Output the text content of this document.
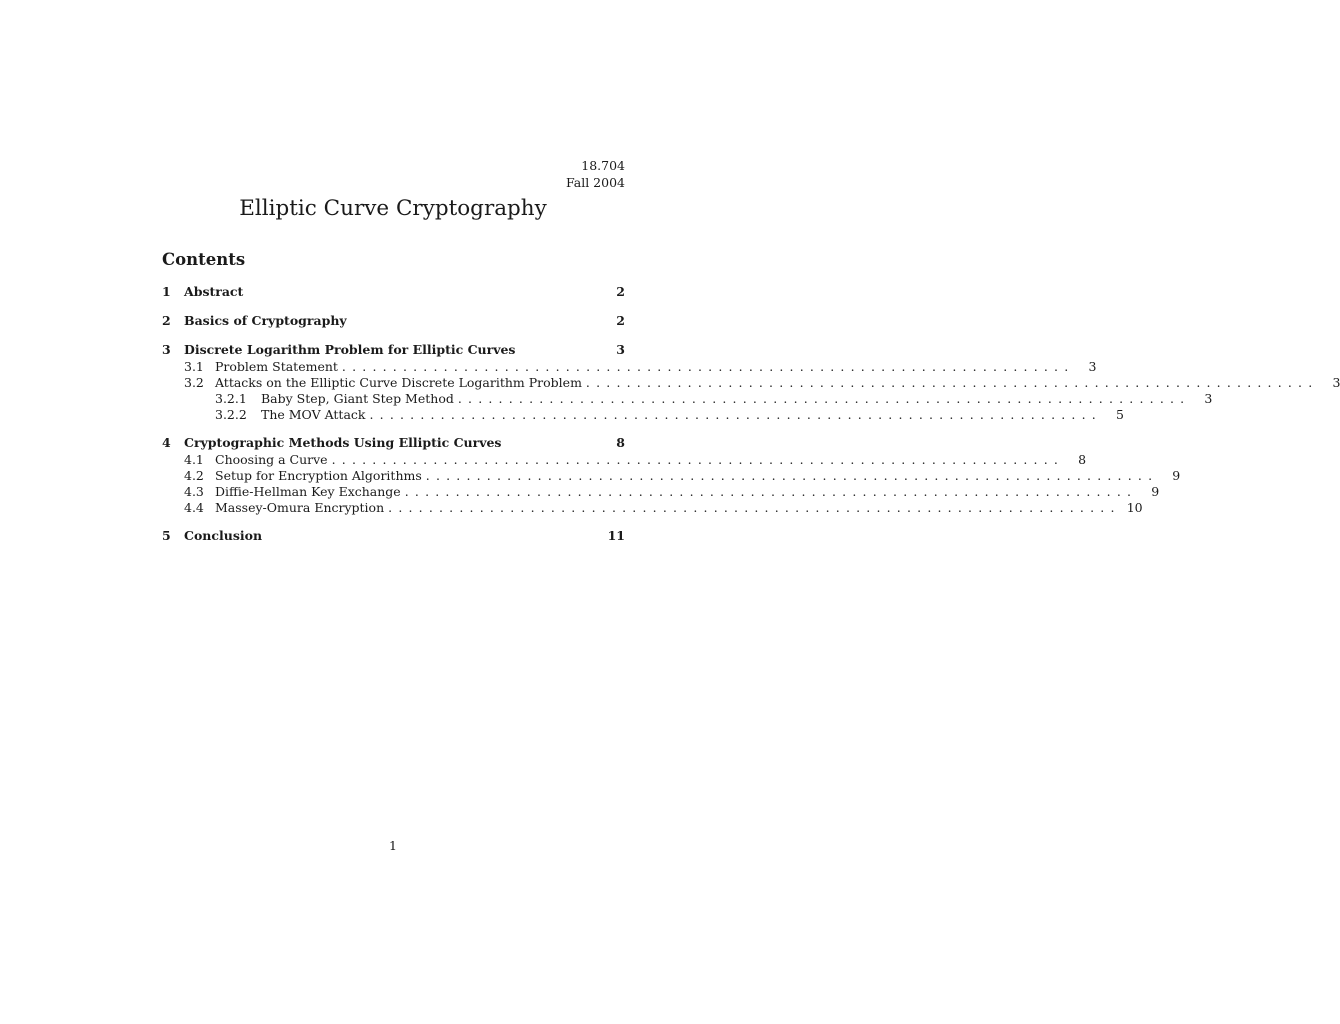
18.704
Fall 2004
Elliptic Curve Cryptography
Contents
1	Abstract	2
2	Basics of Cryptography	2
3	Discrete Logarithm Problem for Elliptic Curves	3
3.1 Problem Statement ........................................................................	3
3.2 Attacks on the Elliptic Curve Discrete Logarithm Problem ........................................................................	3
3.2.1	Baby Step, Giant Step Method ........................................................................	3
3.2.2	The MOV Attack ........................................................................	5
4	Cryptographic Methods Using Elliptic Curves	8
4.1 Choosing a Curve ........................................................................	8
4.2 Setup for Encryption Algorithms ........................................................................	9
4.3 Diffie-Hellman Key Exchange ........................................................................	9
4.4 Massey-Omura Encryption ........................................................................ 10
5	Conclusion	11
1
